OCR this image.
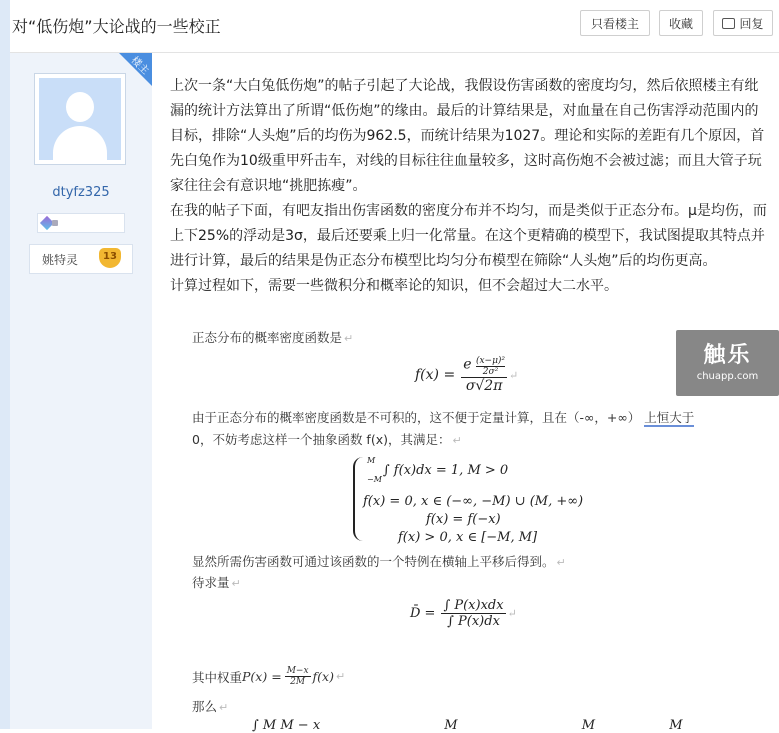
对“低伤炮”大论战的一些校正	只看楼主	收藏	回复
楼主
dtyfz325
姚特灵	13

上次一条“大白兔低伤炮”的帖子引起了大论战，我假设伤害函数的密度均匀，然后依照楼主有纰漏的统计方法算出了所谓“低伤炮”的缘由。最后的计算结果是，对血量在自己伤害浮动范围内的目标，排除“人头炮”后的均伤为962.5，而统计结果为1027。理论和实际的差距有几个原因，首先白兔作为10级重甲歼击车，对线的目标往往血量较多，这时高伤炮不会被过滤；而且大管子玩家往往会有意识地“挑肥拣瘦”。

在我的帖子下面，有吧友指出伤害函数的密度分布并不均匀，而是类似于正态分布。μ是均伤，而上下25%的浮动是3σ，最后还要乘上归一化常量。在这个更精确的模型下，我试图提取其特点并进行计算，最后的结果是伪正态分布模型比均匀分布模型在筛除“人头炮”后的均伤更高。

计算过程如下，需要一些微积分和概率论的知识，但不会超过大二水平。

正态分布的概率密度函数是 ↵
f(x) = e $^{\frac{\text{(x−μ)²}}{\text{2σ²}}}$
σ√2π ↵
由于正态分布的概率密度函数是不可积的，这不便于定量计算，且在（-∞，+∞） 上恒大于
0，不妨考虑这样一个抽象函数 f(x)，其满足： ↵
M
−M
∫ f(x)dx = 1, M > 0
f(x) = 0, x ∈ (−∞, −M) ∪ (M, +∞)
f(x) = f(−x)
f(x) > 0, x ∈ [−M, M]
显然所需伤害函数可通过该函数的一个特例在横轴上平移后得到。 ↵
待求量 ↵
D̄ = $\frac{\text{∫ P(x)xdx}}{\int P(x)dx}$ ↵
其中权重 $P(x) = \frac{M-x}{2M} f(x)$ ↵
那么 ↵
∫ M M − x	M	M	M
触乐
chuapp.com
